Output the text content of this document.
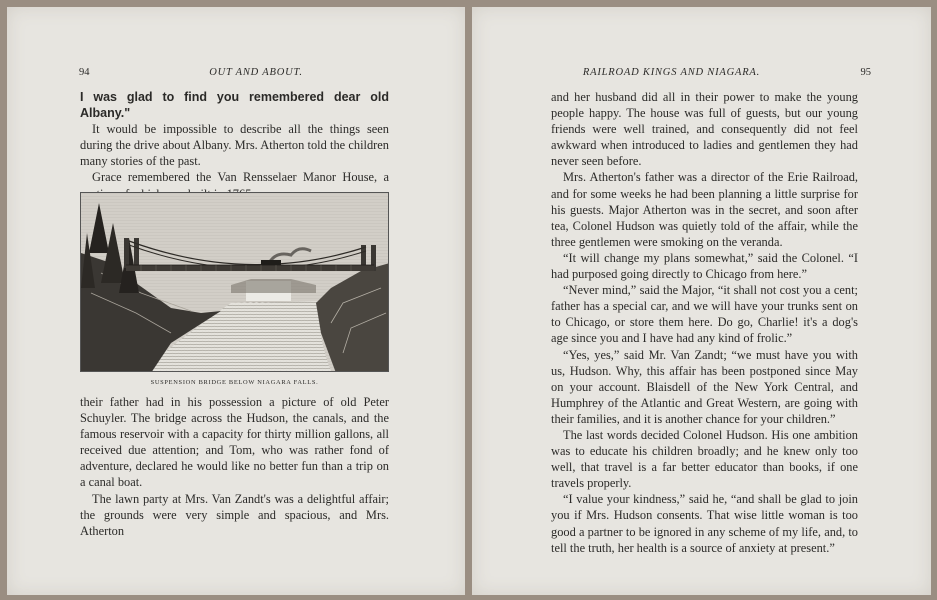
94	OUT AND ABOUT.

I was glad to find you remembered dear old Albany."

It would be impossible to describe all the things seen during the drive about Albany. Mrs. Atherton told the children many stories of the past.

Grace remembered the Van Rensselaer Manor House, a

SUSPENSION BRIDGE BELOW NIAGARA FALLS.

their father had in his possession a picture of old Peter Schuyler. The bridge across the Hudson, the canals, and the famous reservoir with a capacity for thirty million gallons, all received due attention; and Tom, who was rather fond of adventure, declared he would like no better fun than a trip on a canal boat.

The lawn party at Mrs. Van Zandt's was a delightful affair; the grounds were very simple and spacious, and Mrs. Atherton

RAILROAD KINGS AND NIAGARA.	95

and her husband did all in their power to make the young people happy. The house was full of guests, but our young friends were well trained, and consequently did not feel awkward when introduced to ladies and gentlemen they had never seen before.

Mrs. Atherton's father was a director of the Erie Railroad, and for some weeks he had been planning a little surprise for his guests. Major Atherton was in the secret, and soon after tea, Colonel Hudson was quietly told of the affair, while the three gentlemen were smoking on the veranda.

“It will change my plans somewhat,” said the Colonel. “I had purposed going directly to Chicago from here.”

“Never mind,” said the Major, “it shall not cost you a cent; father has a special car, and we will have your trunks sent on to Chicago, or store them here. Do go, Charlie! it's a dog's age since you and I have had any kind of frolic.”

“Yes, yes,” said Mr. Van Zandt; “we must have you with us, Hudson. Why, this affair has been postponed since May on your account. Blaisdell of the New York Central, and Humphrey of the Atlantic and Great Western, are going with their families, and it is another chance for your children.”

The last words decided Colonel Hudson. His one ambition was to educate his children broadly; and he knew only too well, that travel is a far better educator than books, if one travels properly.

“I value your kindness,” said he, “and shall be glad to join you if Mrs. Hudson consents. That wise little woman is too good a partner to be ignored in any scheme of my life, and, to tell the truth, her health is a source of anxiety at present.”
